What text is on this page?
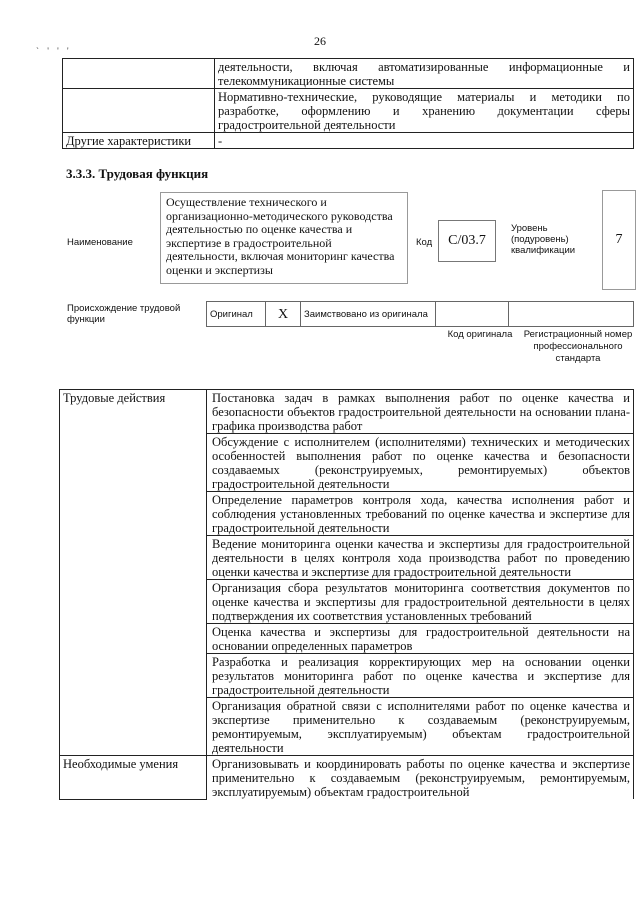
26
` ' ' '
	деятельности, включая автоматизированные информационные и телекоммуникационные системы
	Нормативно-технические, руководящие материалы и методики по разработке, оформлению и хранению документации сферы градостроительной деятельности
Другие характеристики	-
3.3.3. Трудовая функция
Наименование
Осуществление технического и организационно-методического руководства деятельностью по оценке качества и экспертизе в градостроительной деятельности, включая мониторинг качества оценки и экспертизы
Код	C/03.7
Уровень (подуровень) квалификации
7
Происхождение трудовой функции	Оригинал	X	Заимствовано из оригинала		
Код оригинала Регистрационный номер профессионального стандарта
Трудовые действия	Постановка задач в рамках выполнения работ по оценке качества и безопасности объектов градостроительной деятельности на основании плана-графика производства работ
	Обсуждение с исполнителем (исполнителями) технических и методических особенностей выполнения работ по оценке качества и безопасности создаваемых (реконструируемых, ремонтируемых) объектов градостроительной деятельности
	Определение параметров контроля хода, качества исполнения работ и соблюдения установленных требований по оценке качества и экспертизе для градостроительной деятельности
	Ведение мониторинга оценки качества и экспертизы для градостроительной деятельности в целях контроля хода производства работ по проведению оценки качества и экспертизе для градостроительной деятельности
	Организация сбора результатов мониторинга соответствия документов по оценке качества и экспертизы для градостроительной деятельности в целях подтверждения их соответствия установленных требований
	Оценка качества и экспертизы для градостроительной деятельности на основании определенных параметров
	Разработка и реализация корректирующих мер на основании оценки результатов мониторинга работ по оценке качества и экспертизе для градостроительной деятельности
	Организация обратной связи с исполнителями работ по оценке качества и экспертизе применительно к создаваемым (реконструируемым, ремонтируемым, эксплуатируемым) объектам градостроительной деятельности
Необходимые умения	Организовывать и координировать работы по оценке качества и экспертизе применительно к создаваемым (реконструируемым, ремонтируемым, эксплуатируемым) объектам градостроительной
